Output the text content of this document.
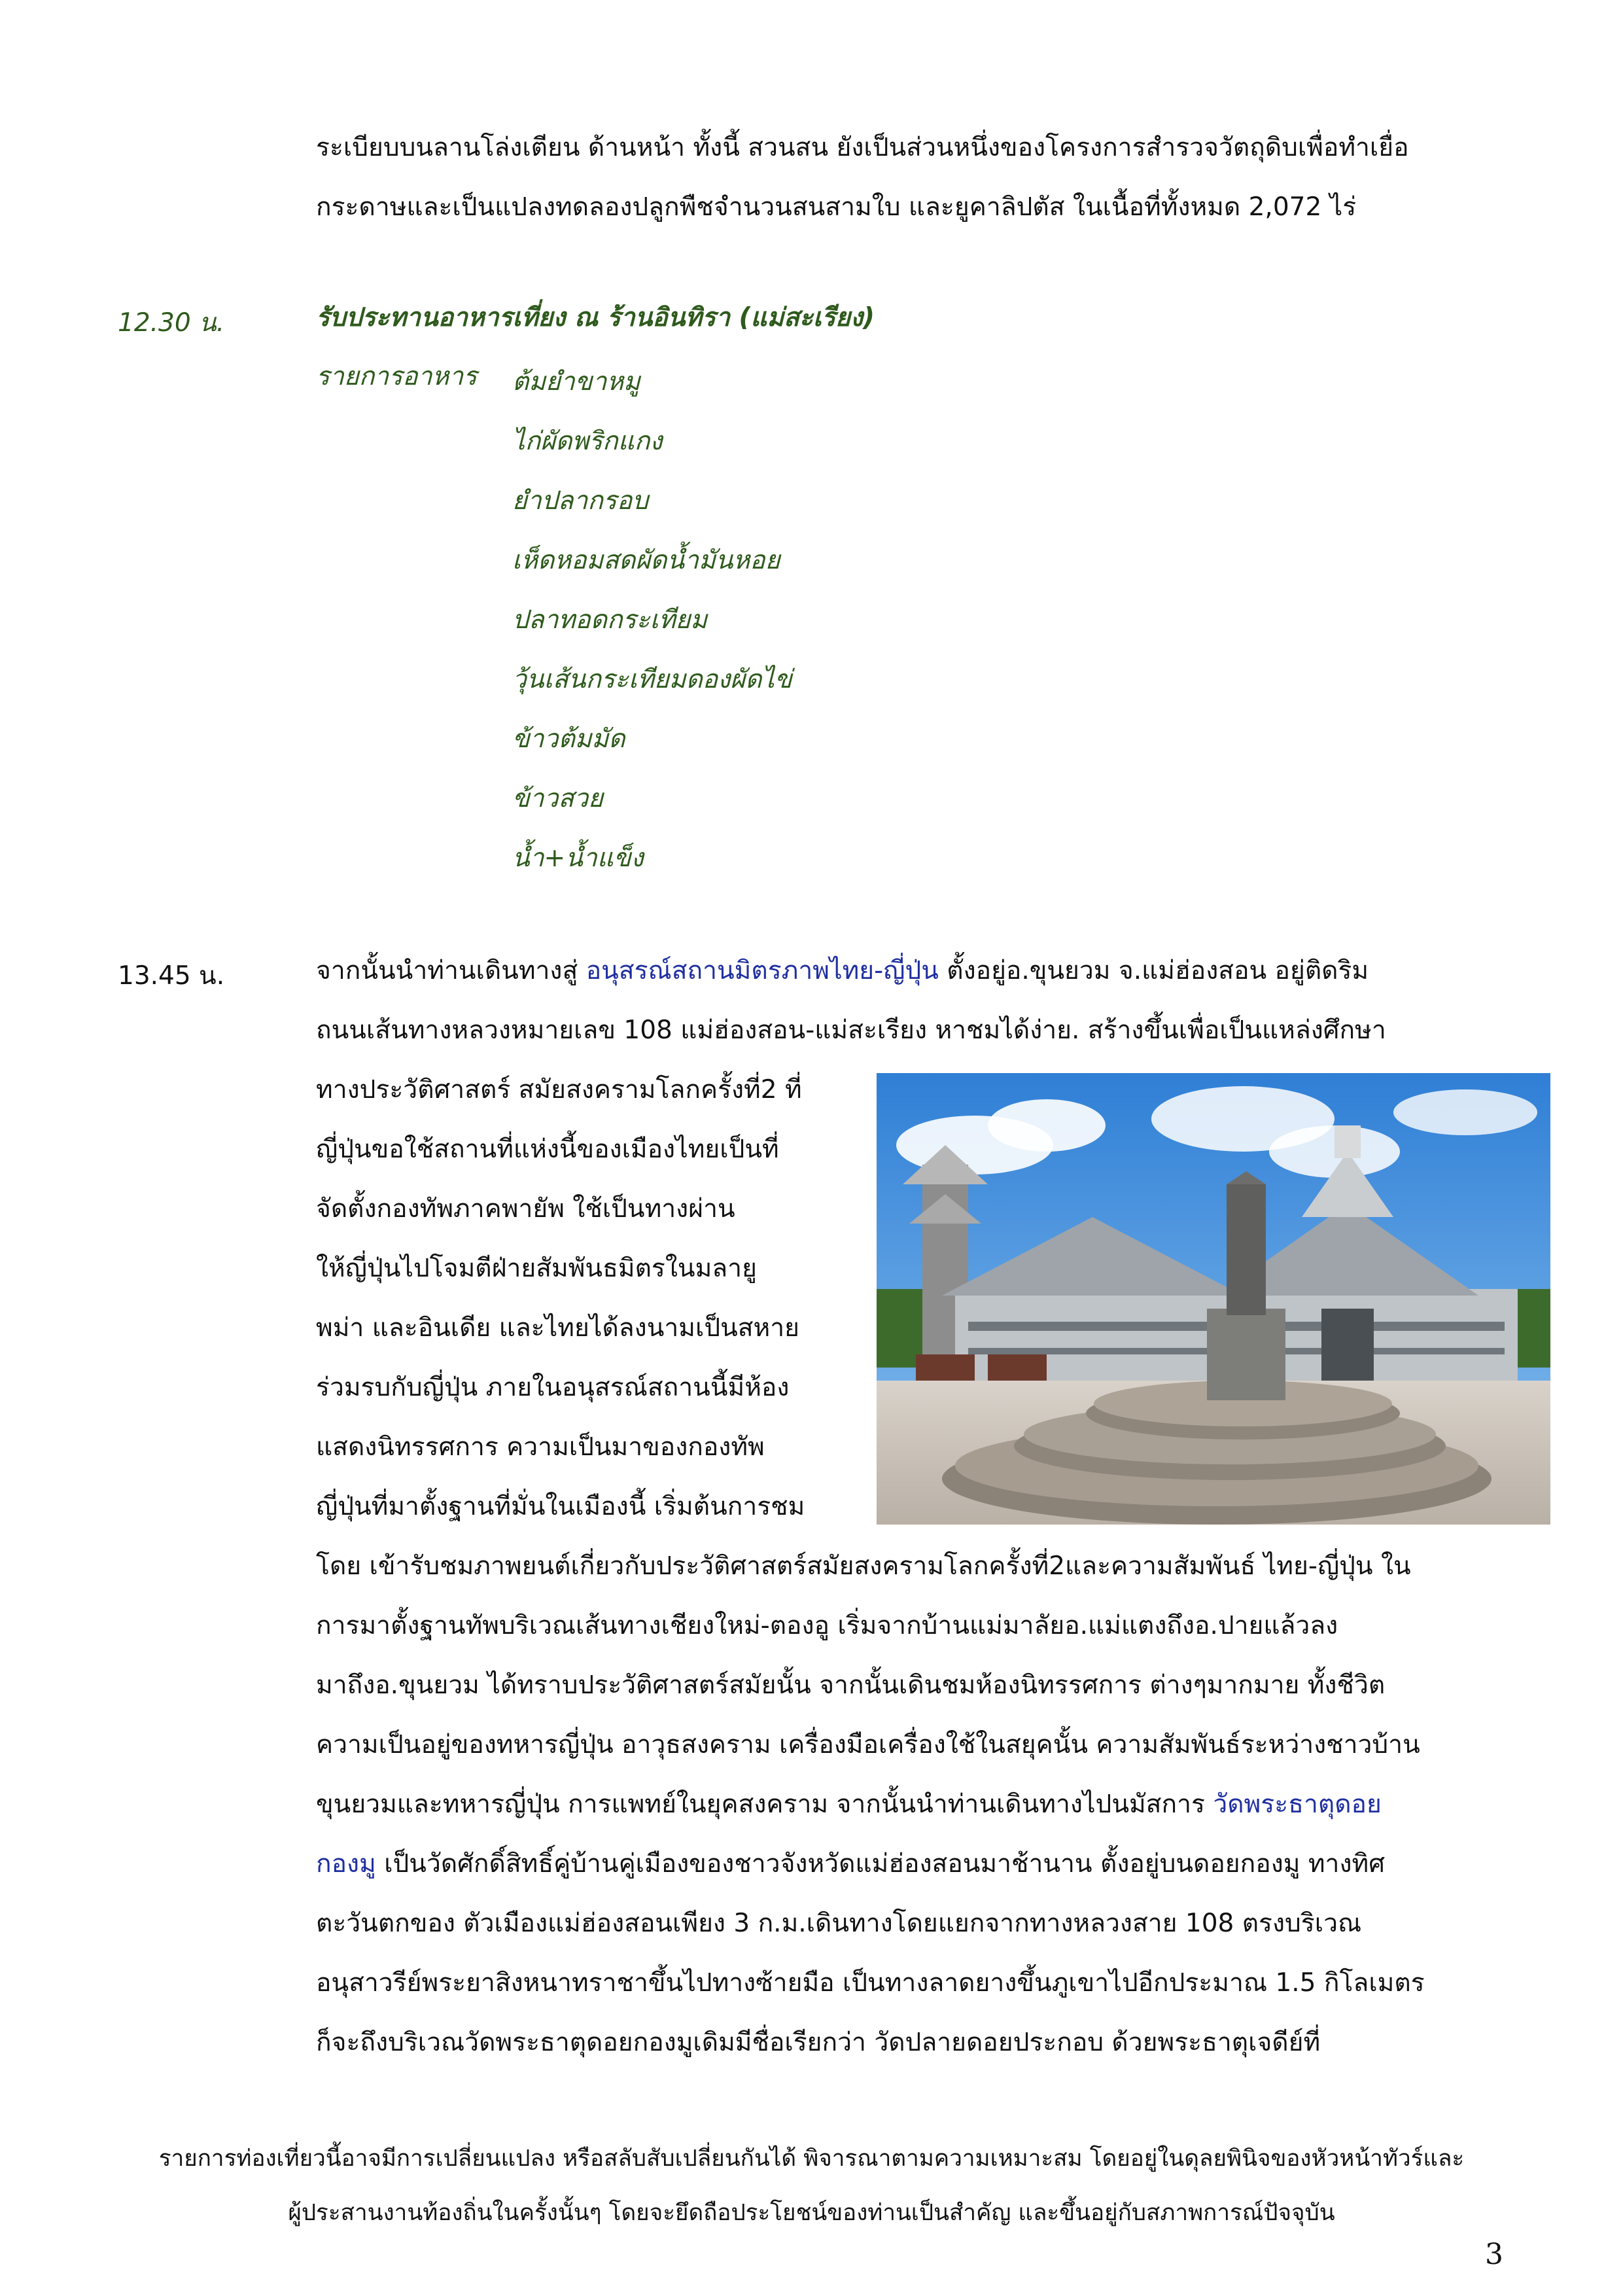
ระเบียบบนลานโล่งเตียน ด้านหน้า ทั้งนี้ สวนสน ยังเป็นส่วนหนึ่งของโครงการสำรวจวัตถุดิบเพื่อทำเยื่อ
กระดาษและเป็นแปลงทดลองปลูกพืชจำนวนสนสามใบ และยูคาลิปตัส ในเนื้อที่ทั้งหมด 2,072 ไร่
12.30 น.	รับประทานอาหารเที่ยง ณ ร้านอินทิรา (แม่สะเรียง)
รายการอาหาร	ต้มยำขาหมู
ไก่ผัดพริกแกง
ยำปลากรอบ
เห็ดหอมสดผัดน้ำมันหอย
ปลาทอดกระเทียม
วุ้นเส้นกระเทียมดองผัดไข่
ข้าวต้มมัด
ข้าวสวย
น้ำ+น้ำแข็ง
13.45 น.	จากนั้นนำท่านเดินทางสู่ อนุสรณ์สถานมิตรภาพไทย-ญี่ปุ่น ตั้งอยู่อ.ขุนยวม จ.แม่ฮ่องสอน อยู่ติดริม
ถนนเส้นทางหลวงหมายเลข 108 แม่ฮ่องสอน-แม่สะเรียง หาชมได้ง่าย. สร้างขึ้นเพื่อเป็นแหล่งศึกษา
ทางประวัติศาสตร์ สมัยสงครามโลกครั้งที่2 ที่
ญี่ปุ่นขอใช้สถานที่แห่งนี้ของเมืองไทยเป็นที่
จัดตั้งกองทัพภาคพายัพ ใช้เป็นทางผ่าน
ให้ญี่ปุ่นไปโจมตีฝ่ายสัมพันธมิตรในมลายู
พม่า และอินเดีย และไทยได้ลงนามเป็นสหาย
ร่วมรบกับญี่ปุ่น ภายในอนุสรณ์สถานนี้มีห้อง
แสดงนิทรรศการ ความเป็นมาของกองทัพ
ญี่ปุ่นที่มาตั้งฐานที่มั่นในเมืองนี้ เริ่มต้นการชม
โดย เข้ารับชมภาพยนต์เกี่ยวกับประวัติศาสตร์สมัยสงครามโลกครั้งที่2และความสัมพันธ์ ไทย-ญี่ปุ่น ใน
การมาตั้งฐานทัพบริเวณเส้นทางเชียงใหม่-ตองอู เริ่มจากบ้านแม่มาลัยอ.แม่แตงถึงอ.ปายแล้วลง
มาถึงอ.ขุนยวม ได้ทราบประวัติศาสตร์สมัยนั้น จากนั้นเดินชมห้องนิทรรศการ ต่างๆมากมาย ทั้งชีวิต
ความเป็นอยู่ของทหารญี่ปุ่น อาวุธสงคราม เครื่องมือเครื่องใช้ในสยุคนั้น ความสัมพันธ์ระหว่างชาวบ้าน
ขุนยวมและทหารญี่ปุ่น การแพทย์ในยุคสงคราม จากนั้นนำท่านเดินทางไปนมัสการ วัดพระธาตุดอย
กองมู เป็นวัดศักดิ์สิทธิ์คู่บ้านคู่เมืองของชาวจังหวัดแม่ฮ่องสอนมาช้านาน ตั้งอยู่บนดอยกองมู ทางทิศ
ตะวันตกของ ตัวเมืองแม่ฮ่องสอนเพียง 3 ก.ม.เดินทางโดยแยกจากทางหลวงสาย 108 ตรงบริเวณ
อนุสาวรีย์พระยาสิงหนาทราชาขึ้นไปทางซ้ายมือ เป็นทางลาดยางขึ้นภูเขาไปอีกประมาณ 1.5 กิโลเมตร
ก็จะถึงบริเวณวัดพระธาตุดอยกองมูเดิมมีชื่อเรียกว่า วัดปลายดอยประกอบ ด้วยพระธาตุเจดีย์ที่
รายการท่องเที่ยวนี้อาจมีการเปลี่ยนแปลง หรือสลับสับเปลี่ยนกันได้ พิจารณาตามความเหมาะสม โดยอยู่ในดุลยพินิจของหัวหน้าทัวร์และ
ผู้ประสานงานท้องถิ่นในครั้งนั้นๆ โดยจะยึดถือประโยชน์ของท่านเป็นสำคัญ และขึ้นอยู่กับสภาพการณ์ปัจจุบัน
3
